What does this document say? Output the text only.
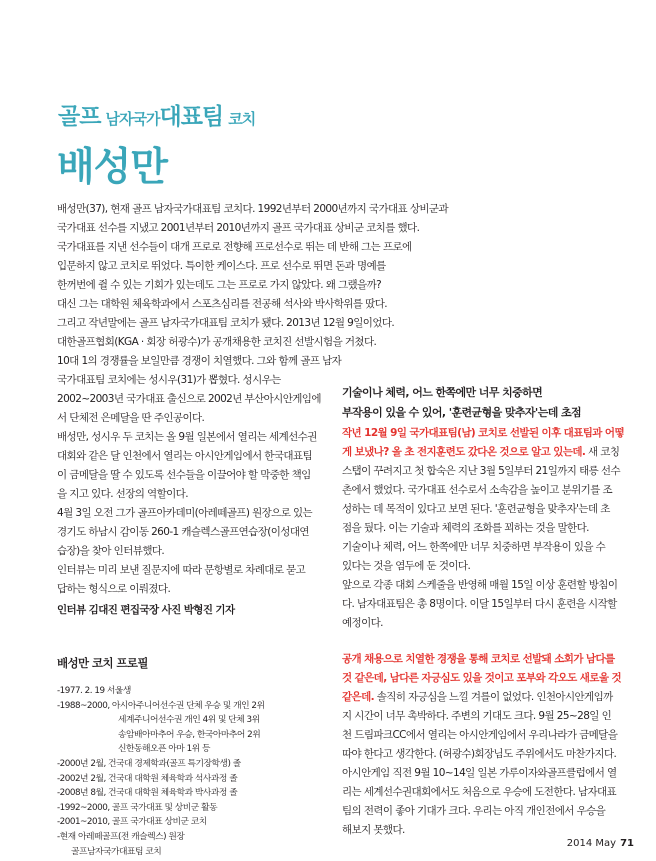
골프 남자국가대표팀 코치
배성만
배성만(37), 현재 골프 남자국가대표팀 코치다. 1992년부터 2000년까지 국가대표 상비군과
국가대표 선수를 지냈고 2001년부터 2010년까지 골프 국가대표 상비군 코치를 했다.
국가대표를 지낸 선수들이 대개 프로로 전향해 프로선수로 뛰는 데 반해 그는 프로에
입문하지 않고 코치로 뛰었다. 특이한 케이스다. 프로 선수로 뛰면 돈과 명예를
한꺼번에 쥘 수 있는 기회가 있는데도 그는 프로로 가지 않았다. 왜 그랬을까?
대신 그는 대학원 체육학과에서 스포츠심리를 전공해 석사와 박사학위를 땄다.
그리고 작년말에는 골프 남자국가대표팀 코치가 됐다. 2013년 12월 9일이었다.
대한골프협회(KGA · 회장 허광수)가 공개채용한 코치진 선발시험을 거쳤다.
10대 1의 경쟁률을 보일만큼 경쟁이 치열했다. 그와 함께 골프 남자
국가대표팀 코치에는 성시우(31)가 뽑혔다. 성시우는
2002~2003년 국가대표 출신으로 2002년 부산아시안게임에
서 단체전 은메달을 딴 주인공이다.
배성만, 성시우 두 코치는 올 9월 일본에서 열리는 세계선수권
대회와 같은 달 인천에서 열리는 아시안게임에서 한국대표팀
이 금메달을 딸 수 있도록 선수들을 이끌어야 할 막중한 책임
을 지고 있다. 선장의 역할이다.
4월 3일 오전 그가 골프아카데미(아레떼골프) 원장으로 있는
경기도 하남시 감이동 260-1 캐슬렉스골프연습장(이성대연
습장)을 찾아 인터뷰했다.
인터뷰는 미리 보낸 질문지에 따라 문항별로 차례대로 묻고
답하는 형식으로 이뤄졌다.
인터뷰 김대진 편집국장 사진 박형진 기자
기술이나 체력, 어느 한쪽에만 너무 치중하면
부작용이 있을 수 있어, '훈련균형을 맞추자'는데 초점
작년 12월 9일 국가대표팀(남) 코치로 선발된 이후 대표팀과 어떻
게 보냈나? 올 초 전지훈련도 갔다온 것으로 알고 있는데. 새 코칭
스탭이 꾸려지고 첫 합숙은 지난 3월 5일부터 21일까지 태릉 선수
촌에서 했었다. 국가대표 선수로서 소속감을 높이고 분위기를 조
성하는 데 목적이 있다고 보면 된다. '훈련균형을 맞추자'는데 초
점을 뒀다. 이는 기술과 체력의 조화를 꾀하는 것을 말한다.
기술이나 체력, 어느 한쪽에만 너무 치중하면 부작용이 있을 수
있다는 것을 염두에 둔 것이다.
앞으로 각종 대회 스케줄을 반영해 매월 15일 이상 훈련할 방침이
다. 남자대표팀은 총 8명이다. 이달 15일부터 다시 훈련을 시작할
예정이다.
공개 채용으로 치열한 경쟁을 통해 코치로 선발돼 소회가 남다를
것 같은데, 남다른 자긍심도 있을 것이고 포부와 각오도 새로울 것
같은데. 솔직히 자긍심을 느낄 겨를이 없었다. 인천아시안게임까
지 시간이 너무 촉박하다. 주변의 기대도 크다. 9월 25~28일 인
천 드림파크CC에서 열리는 아시안게임에서 우리나라가 금메달을
따야 한다고 생각한다. (허광수)회장님도 주위에서도 마찬가지다.
아시안게임 직전 9월 10~14일 일본 가루이자와골프클럽에서 열
리는 세계선수권대회에서도 처음으로 우승에 도전한다. 남자대표
팀의 전력이 좋아 기대가 크다. 우리는 아직 개인전에서 우승을
해보지 못했다.
배성만 코치 프로필
-1977. 2. 19 서울생
-1988~2000, 아시아주니어선수권 단체 우승 및 개인 2위
세계주니어선수권 개인 4위 및 단체 3위
송암배아마추어 우승, 한국아마추어 2위
신한동해오픈 아마 1위 등
-2000년 2월, 건국대 경제학과(골프 특기장학생) 졸
-2002년 2월, 건국대 대학원 체육학과 석사과정 졸
-2008년 8월, 건국대 대학원 체육학과 박사과정 졸
-1992~2000, 골프 국가대표 및 상비군 활동
-2001~2010, 골프 국가대표 상비군 코치
-현재 아레떼골프(전 캐슬렉스) 원장
골프남자국가대표팀 코치
2014 May 71
